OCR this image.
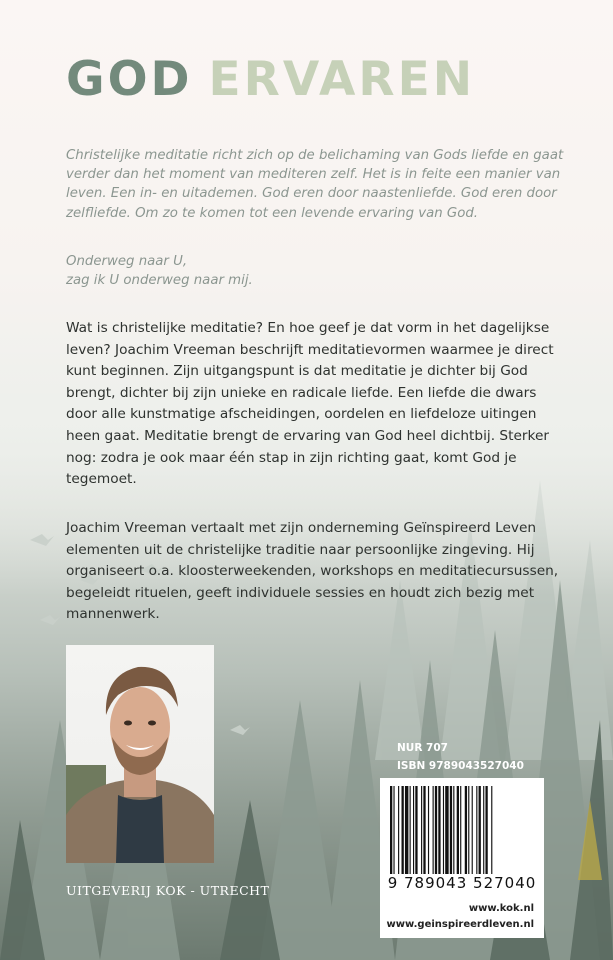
GOD ERVAREN

Christelijke meditatie richt zich op de belichaming van Gods liefde en gaat verder dan het moment van mediteren zelf. Het is in feite een manier van leven. Een in- en uitademen. God eren door naastenliefde. God eren door zelfliefde. Om zo te komen tot een levende ervaring van God.

Onderweg naar U,
zag ik U onderweg naar mij.

Wat is christelijke meditatie? En hoe geef je dat vorm in het dagelijkse leven? Joachim Vreeman beschrijft meditatievormen waarmee je direct kunt beginnen. Zijn uitgangspunt is dat meditatie je dichter bij God brengt, dichter bij zijn unieke en radicale liefde. Een liefde die dwars door alle kunstmatige afscheidingen, oordelen en liefdeloze uitingen heen gaat. Meditatie brengt de ervaring van God heel dichtbij. Sterker nog: zodra je ook maar één stap in zijn richting gaat, komt God je tegemoet.

Joachim Vreeman vertaalt met zijn onderneming Geïnspireerd Leven elementen uit de christelijke traditie naar persoonlijke zingeving. Hij organiseert o.a. kloosterweekenden, workshops en meditatiecursussen, begeleidt rituelen, geeft individuele sessies en houdt zich bezig met mannenwerk.

UITGEVERIJ KOK - UTRECHT

NUR 707

ISBN 9789043527040

9 789043 527040

www.kok.nl

www.geinspireerdleven.nl
